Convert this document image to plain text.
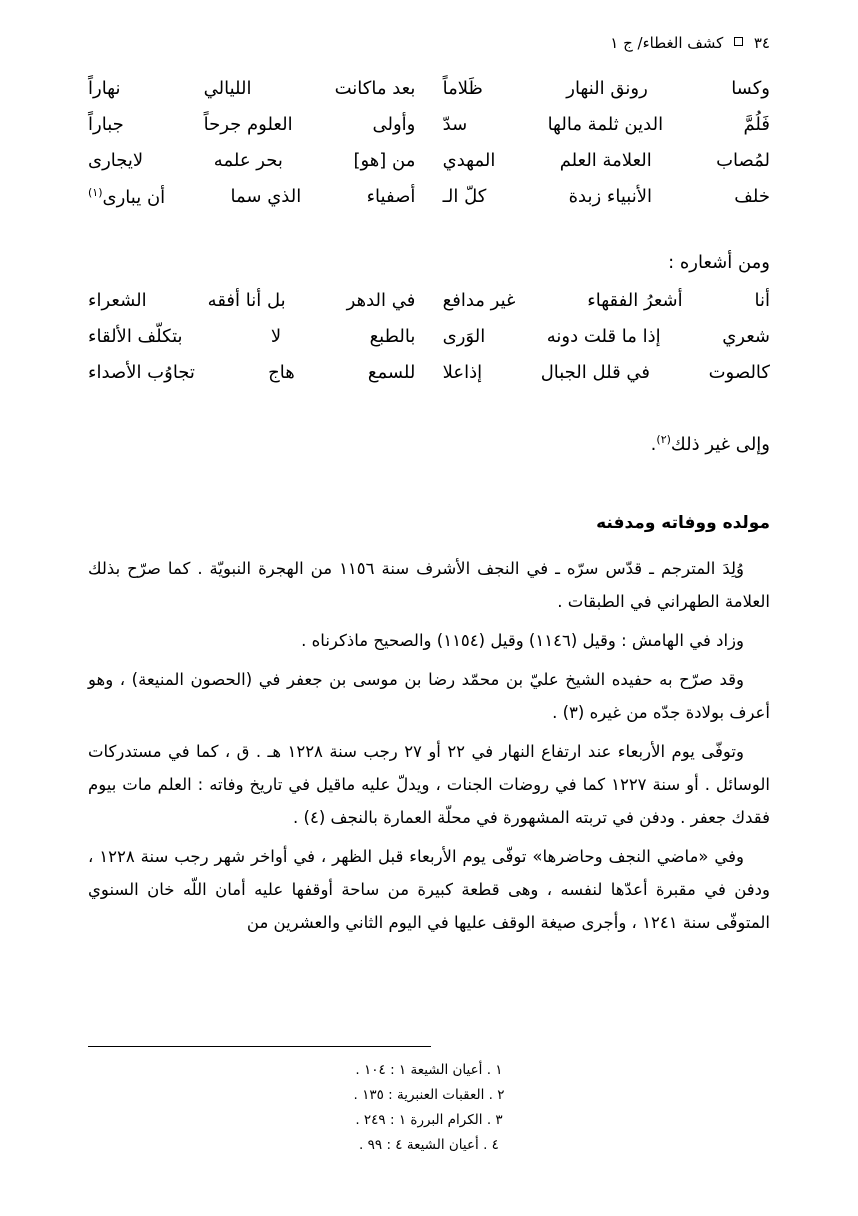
٣٤  كشف الغطاء/ ج ١
وكسا
رونق النهار
ظَلاماً
بعد ماكانت
الليالي
نهاراً
فَلُمَّ
الدين ثلمة مالها
سدّ
وأولى
العلوم جرحاً
جباراً
لمُصاب
العلامة العلم
المهدي
من [هو]
بحر علمه
لايجارى
خلف
الأنبياء زبدة
كلّ الـ
أصفياء
الذي سما
أن يبارى$^{(١)}$
ومن أشعاره :
أنا
أشعرُ الفقهاء
غير مدافع
في الدهر
بل أنا أفقه
الشعراء
شعري
إذا ما قلت دونه
الوَرى
بالطبع
لا
بتكلّف الألقاء
كالصوت
في قلل الجبال
إذاعلا
للسمع
هاج
تجاوُب الأصداء
وإلى غير ذلك$^{(٢)}$.
مولده ووفاته ومدفنه

وُلِدَ المترجم ـ قدّس سرّه ـ في النجف الأشرف سنة ١١٥٦ من الهجرة النبويّة . كما صرّح بذلك العلامة الطهراني في الطبقات .

وزاد في الهامش : وقيل (١١٤٦) وقيل (١١٥٤) والصحيح ماذكرناه .

وقد صرّح به حفيده الشيخ عليّ بن محمّد رضا بن موسى بن جعفر في (الحصون المنيعة) ، وهو أعرف بولادة جدّه من غيره (٣) .

وتوفّى يوم الأربعاء عند ارتفاع النهار في ٢٢ أو ٢٧ رجب سنة ١٢٢٨ هـ . ق ، كما في مستدركات الوسائل . أو سنة ١٢٢٧ كما في روضات الجنات ، ويدلّ عليه ماقيل في تاريخ وفاته : العلم مات بيوم فقدك جعفر . ودفن في تربته المشهورة في محلّة العمارة بالنجف (٤) .

وفي «ماضي النجف وحاضرها» توفّى يوم الأربعاء قبل الظهر ، في أواخر شهر رجب سنة ١٢٢٨ ، ودفن في مقبرة أعدّها لنفسه ، وهى قطعة كبيرة من ساحة أوقفها عليه أمان اللّه خان السنوي المتوفّى سنة ١٢٤١ ، وأجرى صيغة الوقف عليها في اليوم الثاني والعشرين من

١ . أعيان الشيعة ١ : ١٠٤ .
٢ . العقبات العنبرية : ١٣٥ .
٣ . الكرام البررة ١ : ٢٤٩ .
٤ . أعيان الشيعة ٤ : ٩٩ .
